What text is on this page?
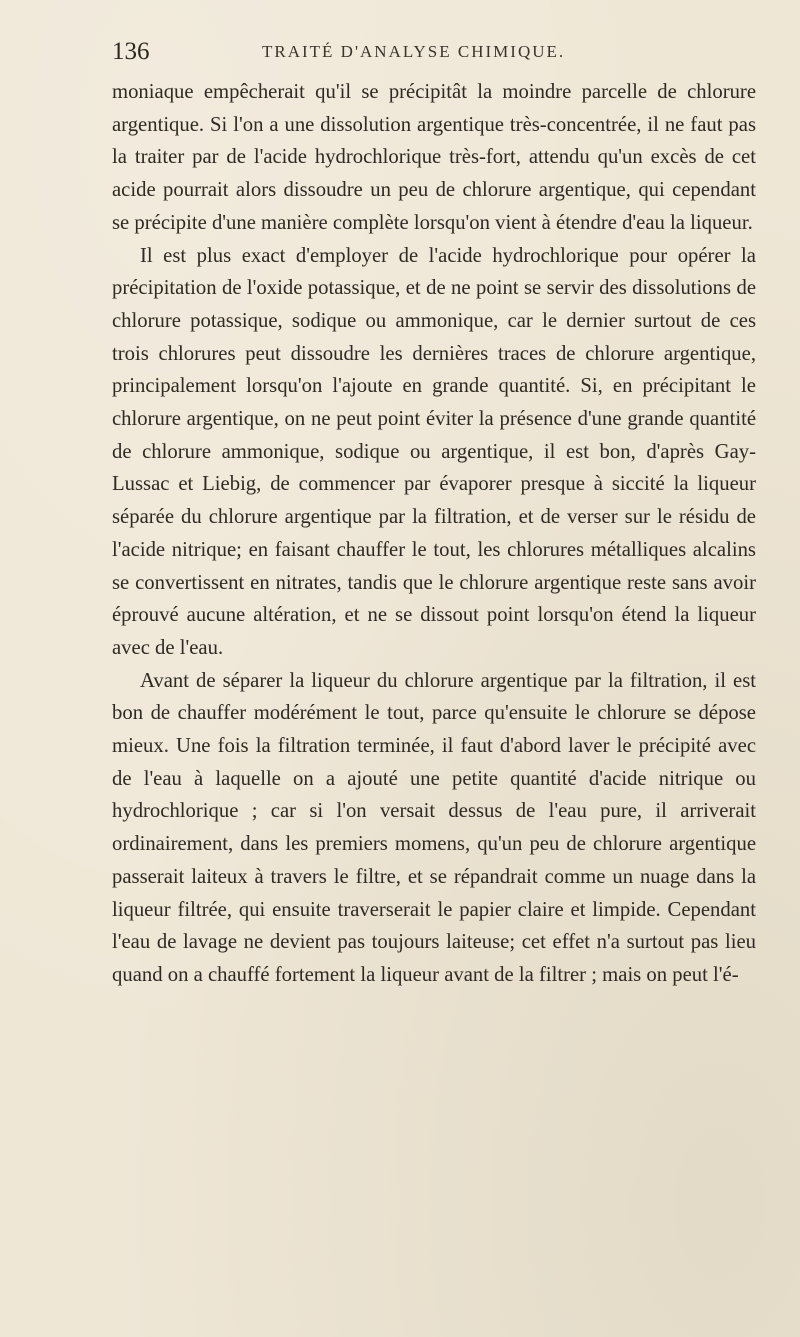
136	TRAITÉ D'ANALYSE CHIMIQUE.

moniaque empêcherait qu'il se précipitât la moindre parcelle de chlorure argentique. Si l'on a une dissolution argentique très-concentrée, il ne faut pas la traiter par de l'acide hydrochlorique très-fort, attendu qu'un excès de cet acide pourrait alors dissoudre un peu de chlorure argentique, qui cependant se précipite d'une manière complète lorsqu'on vient à étendre d'eau la liqueur.

Il est plus exact d'employer de l'acide hydrochlorique pour opérer la précipitation de l'oxide potassique, et de ne point se servir des dissolutions de chlorure potassique, sodique ou ammonique, car le dernier surtout de ces trois chlorures peut dissoudre les dernières traces de chlorure argentique, principalement lorsqu'on l'ajoute en grande quantité. Si, en précipitant le chlorure argentique, on ne peut point éviter la présence d'une grande quantité de chlorure ammonique, sodique ou argentique, il est bon, d'après Gay-Lussac et Liebig, de commencer par évaporer presque à siccité la liqueur séparée du chlorure argentique par la filtration, et de verser sur le résidu de l'acide nitrique; en faisant chauffer le tout, les chlorures métalliques alcalins se convertissent en nitrates, tandis que le chlorure argentique reste sans avoir éprouvé aucune altération, et ne se dissout point lorsqu'on étend la liqueur avec de l'eau.

Avant de séparer la liqueur du chlorure argentique par la filtration, il est bon de chauffer modérément le tout, parce qu'ensuite le chlorure se dépose mieux. Une fois la filtration terminée, il faut d'abord laver le précipité avec de l'eau à laquelle on a ajouté une petite quantité d'acide nitrique ou hydrochlorique ; car si l'on versait dessus de l'eau pure, il arriverait ordinairement, dans les premiers momens, qu'un peu de chlorure argentique passerait laiteux à travers le filtre, et se répandrait comme un nuage dans la liqueur filtrée, qui ensuite traverserait le papier claire et limpide. Cependant l'eau de lavage ne devient pas toujours laiteuse; cet effet n'a surtout pas lieu quand on a chauffé fortement la liqueur avant de la filtrer ; mais on peut l'é-
